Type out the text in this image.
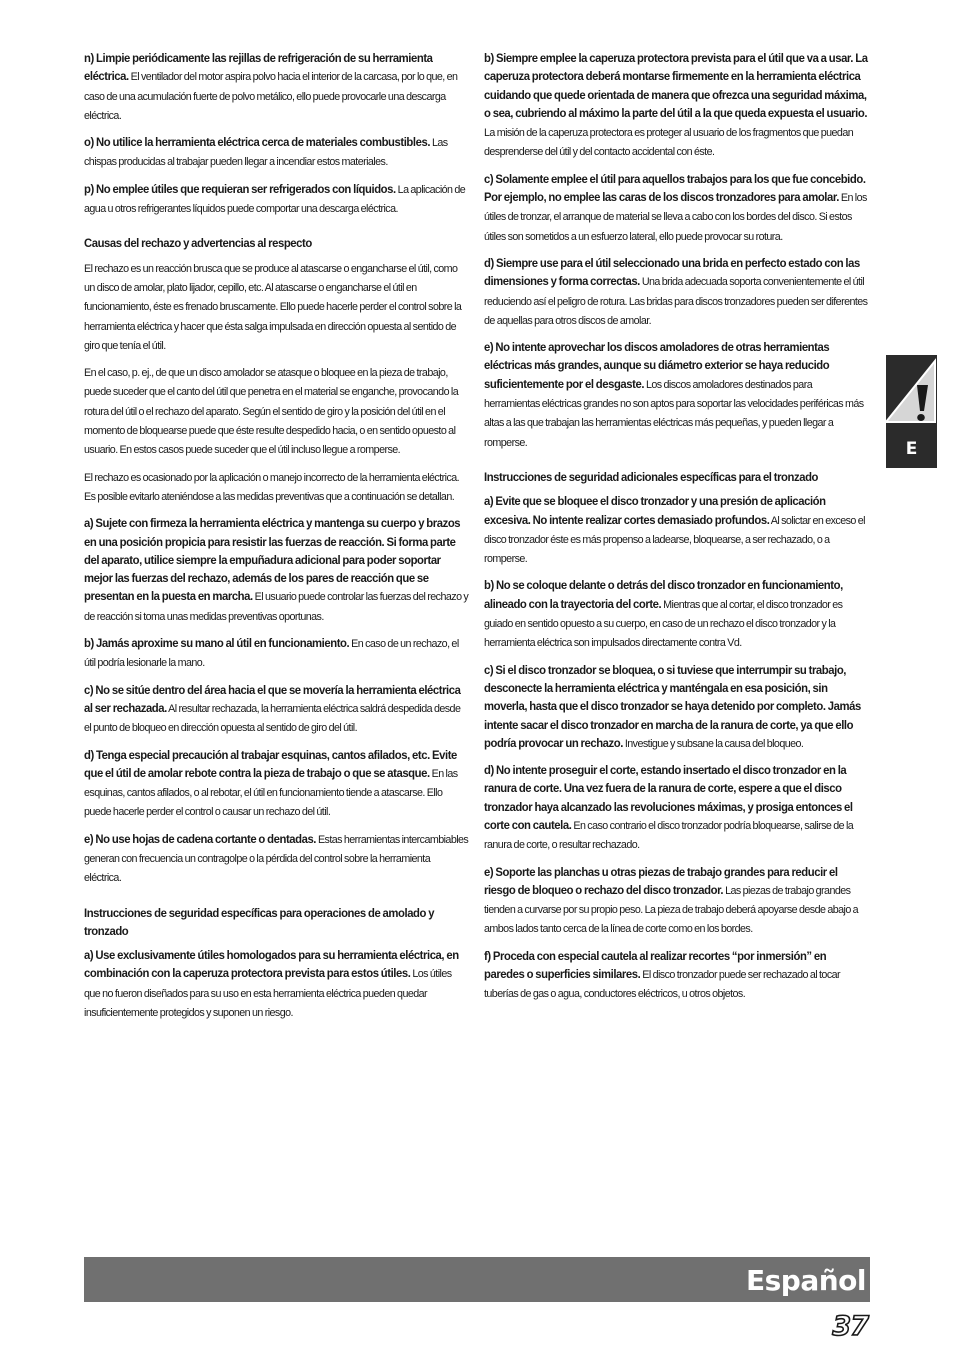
n) Limpie periódicamente las rejillas de refrigeración de su herramienta eléctrica. El ventilador del motor aspira polvo hacia el interior de la carcasa, por lo que, en caso de una acumulación fuerte de polvo metálico, ello puede provocarle una descarga eléctrica.

o) No utilice la herramienta eléctrica cerca de materiales combustibles. Las chispas producidas al trabajar pueden llegar a incendiar estos materiales.

p) No emplee útiles que requieran ser refrigerados con líquidos. La aplicación de agua u otros refrigerantes líquidos puede comportar una descarga eléctrica.

Causas del rechazo y advertencias al respecto

El rechazo es un reacción brusca que se produce al atascarse o engancharse el útil, como un disco de amolar, plato lijador, cepillo, etc. Al atascarse o engancharse el útil en funcionamiento, éste es frenado bruscamente. Ello puede hacerle perder el control sobre la herramienta eléctrica y hacer que ésta salga impulsada en dirección opuesta al sentido de giro que tenía el útil.

En el caso, p. ej., de que un disco amolador se atasque o bloquee en la pieza de trabajo, puede suceder que el canto del útil que penetra en el material se enganche, provocando la rotura del útil o el rechazo del aparato. Según el sentido de giro y la posición del útil en el momento de bloquearse puede que éste resulte despedido hacia, o en sentido opuesto al usuario. En estos casos puede suceder que el útil incluso llegue a romperse.

El rechazo es ocasionado por la aplicación o manejo incorrecto de la herramienta eléctrica. Es posible evitarlo ateniéndose a las medidas preventivas que a continuación se detallan.

a) Sujete con firmeza la herramienta eléctrica y mantenga su cuerpo y brazos en una posición propicia para resistir las fuerzas de reacción. Si forma parte del aparato, utilice siempre la empuñadura adicional para poder soportar mejor las fuerzas del rechazo, además de los pares de reacción que se presentan en la puesta en marcha. El usuario puede controlar las fuerzas del rechazo y de reacción si toma unas medidas preventivas oportunas.

b) Jamás aproxime su mano al útil en funcionamiento. En caso de un rechazo, el útil podría lesionarle la mano.

c) No se sitúe dentro del área hacia el que se movería la herramienta eléctrica al ser rechazada. Al resultar rechazada, la herramienta eléctrica saldrá despedida desde el punto de bloqueo en dirección opuesta al sentido de giro del útil.

d) Tenga especial precaución al trabajar esquinas, cantos afilados, etc. Evite que el útil de amolar rebote contra la pieza de trabajo o que se atasque. En las esquinas, cantos afilados, o al rebotar, el útil en funcionamiento tiende a atascarse. Ello puede hacerle perder el control o causar un rechazo del útil.

e) No use hojas de cadena cortante o dentadas. Estas herramientas intercambiables generan con frecuencia un contragolpe o la pérdida del control sobre la herramienta eléctrica.

Instrucciones de seguridad específicas para operaciones de amolado y tronzado

a) Use exclusivamente útiles homologados para su herramienta eléctrica, en combinación con la caperuza protectora prevista para estos útiles. Los útiles que no fueron diseñados para su uso en esta herramienta eléctrica pueden quedar insuficientemente protegidos y suponen un riesgo.

b) Siempre emplee la caperuza protectora prevista para el útil que va a usar. La caperuza protectora deberá montarse firmemente en la herramienta eléctrica cuidando que quede orientada de manera que ofrezca una seguridad máxima, o sea, cubriendo al máximo la parte del útil a la que queda expuesta el usuario. La misión de la caperuza protectora es proteger al usuario de los fragmentos que puedan desprenderse del útil y del contacto accidental con éste.

c) Solamente emplee el útil para aquellos trabajos para los que fue concebido. Por ejemplo, no emplee las caras de los discos tronzadores para amolar. En los útiles de tronzar, el arranque de material se lleva a cabo con los bordes del disco. Si estos útiles son sometidos a un esfuerzo lateral, ello puede provocar su rotura.

d) Siempre use para el útil seleccionado una brida en perfecto estado con las dimensiones y forma correctas. Una brida adecuada soporta convenientemente el útil reduciendo así el peligro de rotura. Las bridas para discos tronzadores pueden ser diferentes de aquellas para otros discos de amolar.

e) No intente aprovechar los discos amoladores de otras herramientas eléctricas más grandes, aunque su diámetro exterior se haya reducido suficientemente por el desgaste. Los discos amoladores destinados para herramientas eléctricas grandes no son aptos para soportar las velocidades periféricas más altas a las que trabajan las herramientas eléctricas más pequeñas, y pueden llegar a romperse.

Instrucciones de seguridad adicionales específicas para el tronzado

a) Evite que se bloquee el disco tronzador y una presión de aplicación excesiva. No intente realizar cortes demasiado profundos. Al solictar en exceso el disco tronzador éste es más propenso a ladearse, bloquearse, a ser rechazado, o a romperse.

b) No se coloque delante o detrás del disco tronzador en funcionamiento, alineado con la trayectoria del corte. Mientras que al cortar, el disco tronzador es guiado en sentido opuesto a su cuerpo, en caso de un rechazo el disco tronzador y la herramienta eléctrica son impulsados directamente contra Vd.

c) Si el disco tronzador se bloquea, o si tuviese que interrumpir su trabajo, desconecte la herramienta eléctrica y manténgala en esa posición, sin moverla, hasta que el disco tronzador se haya detenido por completo. Jamás intente sacar el disco tronzador en marcha de la ranura de corte, ya que ello podría provocar un rechazo. Investigue y subsane la causa del bloqueo.

d) No intente proseguir el corte, estando insertado el disco tronzador en la ranura de corte. Una vez fuera de la ranura de corte, espere a que el disco tronzador haya alcanzado las revoluciones máximas, y prosiga entonces el corte con cautela. En caso contrario el disco tronzador podría bloquearse, salirse de la ranura de corte, o resultar rechazado.

e) Soporte las planchas u otras piezas de trabajo grandes para reducir el riesgo de bloqueo o rechazo del disco tronzador. Las piezas de trabajo grandes tienden a curvarse por su propio peso. La pieza de trabajo deberá apoyarse desde abajo a ambos lados tanto cerca de la línea de corte como en los bordes.

f) Proceda con especial cautela al realizar recortes “por inmersión” en paredes o superficies similares. El disco tronzador puede ser rechazado al tocar tuberías de gas o agua, conductores eléctricos, u otros objetos.

E
Español
37
